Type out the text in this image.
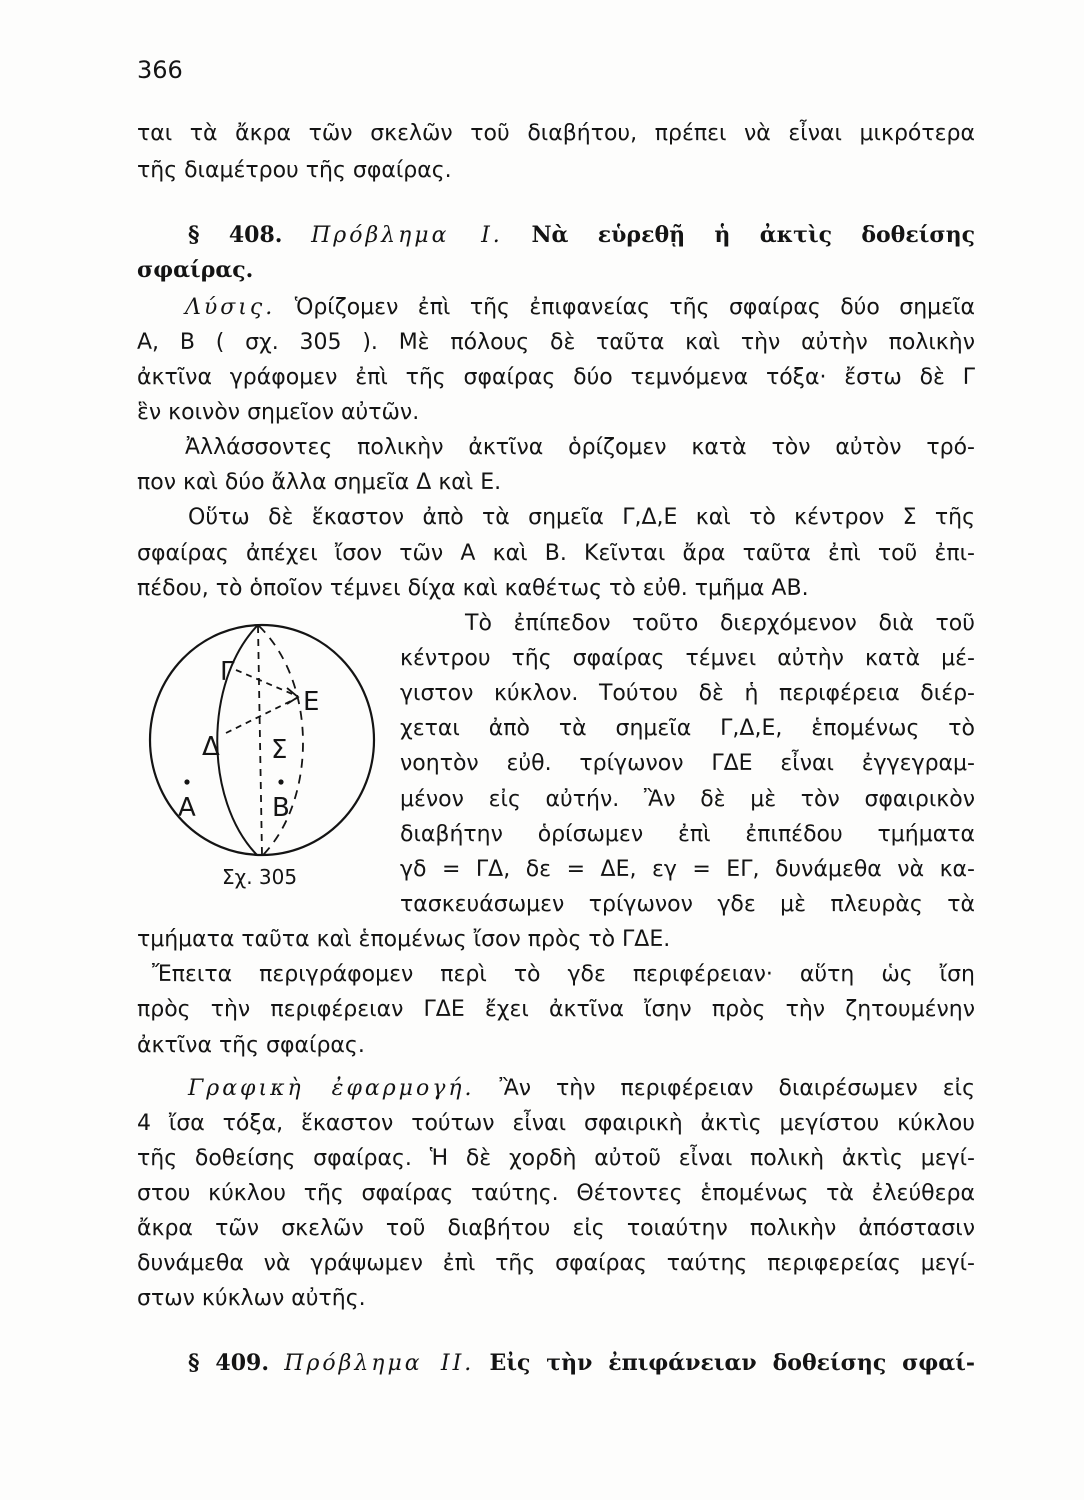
366
ται τὰ ἄκρα τῶν σκελῶν τοῦ διαβήτου, πρέπει νὰ εἶναι μικρότερα
τῆς διαμέτρου τῆς σφαίρας.
§ 408. Πρόβλημα I. Νὰ εὑρεθῇ ἡ ἀκτὶς δοθείσης
σφαίρας.
Λύσις. Ὁρίζομεν ἐπὶ τῆς ἐπιφανείας τῆς σφαίρας δύο σημεῖα
Α, Β ( σχ. 305 ). Μὲ πόλους δὲ ταῦτα καὶ τὴν αὐτὴν πολικὴν
ἀκτῖνα γράφομεν ἐπὶ τῆς σφαίρας δύο τεμνόμενα τόξα· ἔστω δὲ Γ
ἓν κοινὸν σημεῖον αὐτῶν.
Ἀλλάσσοντες πολικὴν ἀκτῖνα ὁρίζομεν κατὰ τὸν αὐτὸν τρό-
πον καὶ δύο ἄλλα σημεῖα Δ καὶ Ε.
Οὕτω δὲ ἕκαστον ἀπὸ τὰ σημεῖα Γ,Δ,Ε καὶ τὸ κέντρον Σ τῆς
σφαίρας ἀπέχει ἴσον τῶν Α καὶ Β. Κεῖνται ἄρα ταῦτα ἐπὶ τοῦ ἐπι-
πέδου, τὸ ὁποῖον τέμνει δίχα καὶ καθέτως τὸ εὐθ. τμῆμα ΑΒ.
Τὸ ἐπίπεδον τοῦτο διερχόμενον διὰ τοῦ
κέντρου τῆς σφαίρας τέμνει αὐτὴν κατὰ μέ-
γιστον κύκλον. Τούτου δὲ ἡ περιφέρεια διέρ-
χεται ἀπὸ τὰ σημεῖα Γ,Δ,Ε, ἑπομένως τὸ
νοητὸν εὐθ. τρίγωνον ΓΔΕ εἶναι ἐγγεγραμ-
μένον εἰς αὐτήν. Ἂν δὲ μὲ τὸν σφαιρικὸν
διαβήτην ὁρίσωμεν ἐπὶ ἐπιπέδου τμήματα
γδ = ΓΔ, δε = ΔΕ, εγ = ΕΓ, δυνάμεθα νὰ κα-
τασκευάσωμεν τρίγωνον γδε μὲ πλευρὰς τὰ
τμήματα ταῦτα καὶ ἑπομένως ἴσον πρὸς τὸ ΓΔΕ.
Ἔπειτα περιγράφομεν περὶ τὸ γδε περιφέρειαν· αὕτη ὡς ἴση
πρὸς τὴν περιφέρειαν ΓΔΕ ἔχει ἀκτῖνα ἴσην πρὸς τὴν ζητουμένην
ἀκτῖνα τῆς σφαίρας.
Γραφικὴ ἐφαρμογή. Ἂν τὴν περιφέρειαν διαιρέσωμεν εἰς
4 ἴσα τόξα, ἕκαστον τούτων εἶναι σφαιρικὴ ἀκτὶς μεγίστου κύκλου
τῆς δοθείσης σφαίρας. Ἡ δὲ χορδὴ αὐτοῦ εἶναι πολικὴ ἀκτὶς μεγί-
στου κύκλου τῆς σφαίρας ταύτης. Θέτοντες ἑπομένως τὰ ἐλεύθερα
ἄκρα τῶν σκελῶν τοῦ διαβήτου εἰς τοιαύτην πολικὴν ἀπόστασιν
δυνάμεθα νὰ γράψωμεν ἐπὶ τῆς σφαίρας ταύτης περιφερείας μεγί-
στων κύκλων αὐτῆς.
§ 409. Πρόβλημα II. Εἰς τὴν ἐπιφάνειαν δοθείσης σφαί-
Γ
Ε
Δ Σ
Α	Β
Σχ. 305
